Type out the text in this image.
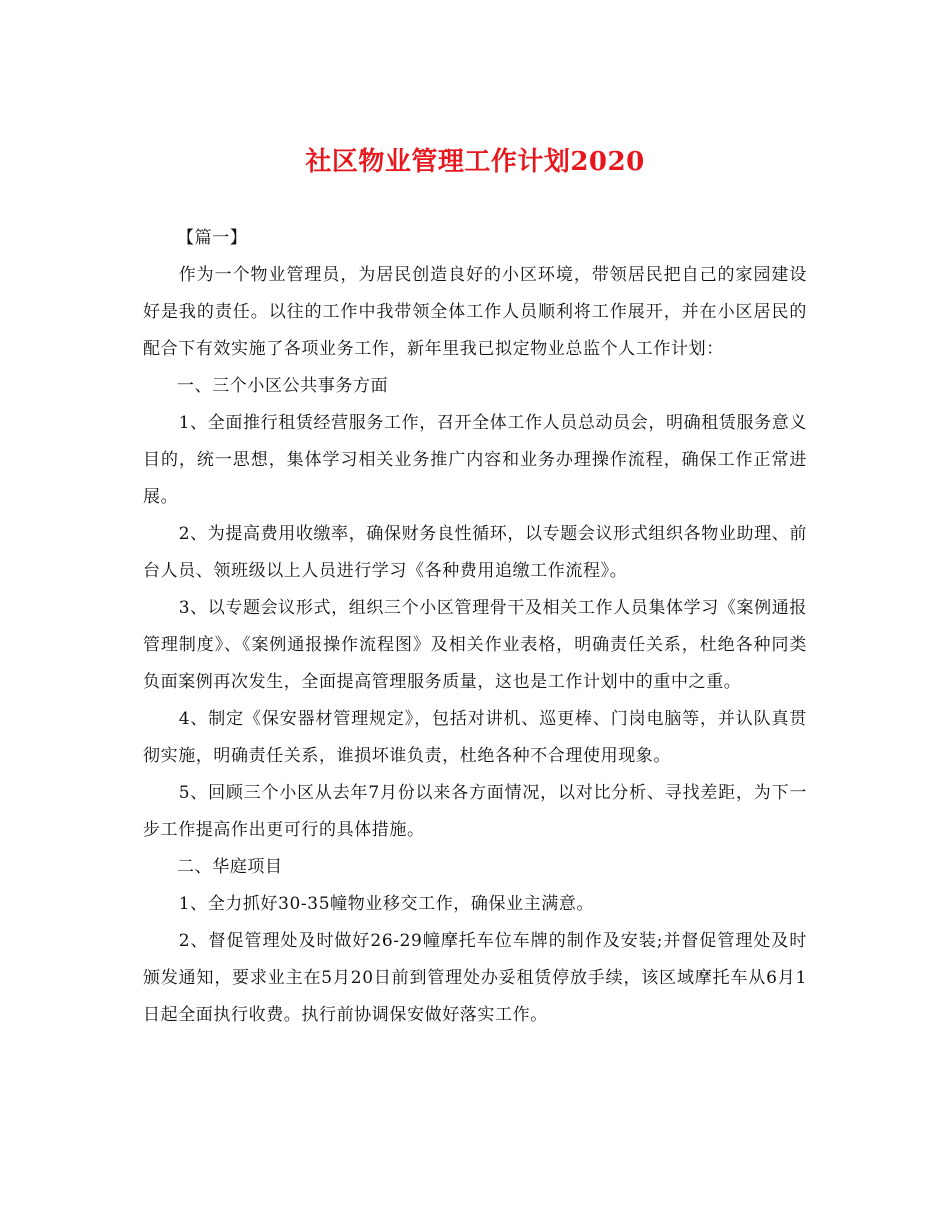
社区物业管理工作计划2020

【篇一】

作为一个物业管理员，为居民创造良好的小区环境，带领居民把自己的家园建设好是我的责任。以往的工作中我带领全体工作人员顺利将工作展开，并在小区居民的配合下有效实施了各项业务工作，新年里我已拟定物业总监个人工作计划：

一、三个小区公共事务方面

1、全面推行租赁经营服务工作，召开全体工作人员总动员会，明确租赁服务意义目的，统一思想，集体学习相关业务推广内容和业务办理操作流程，确保工作正常进展。

2、为提高费用收缴率，确保财务良性循环，以专题会议形式组织各物业助理、前台人员、领班级以上人员进行学习《各种费用追缴工作流程》。

3、以专题会议形式，组织三个小区管理骨干及相关工作人员集体学习《案例通报管理制度》、《案例通报操作流程图》及相关作业表格，明确责任关系，杜绝各种同类负面案例再次发生，全面提高管理服务质量，这也是工作计划中的重中之重。

4、制定《保安器材管理规定》，包括对讲机、巡更棒、门岗电脑等，并认队真贯彻实施，明确责任关系，谁损坏谁负责，杜绝各种不合理使用现象。

5、回顾三个小区从去年7月份以来各方面情况，以对比分析、寻找差距，为下一步工作提高作出更可行的具体措施。

二、华庭项目

1、全力抓好30-35幢物业移交工作，确保业主满意。

2、督促管理处及时做好26-29幢摩托车位车牌的制作及安装;并督促管理处及时颁发通知，要求业主在5月20日前到管理处办妥租赁停放手续，该区域摩托车从6月1日起全面执行收费。执行前协调保安做好落实工作。
